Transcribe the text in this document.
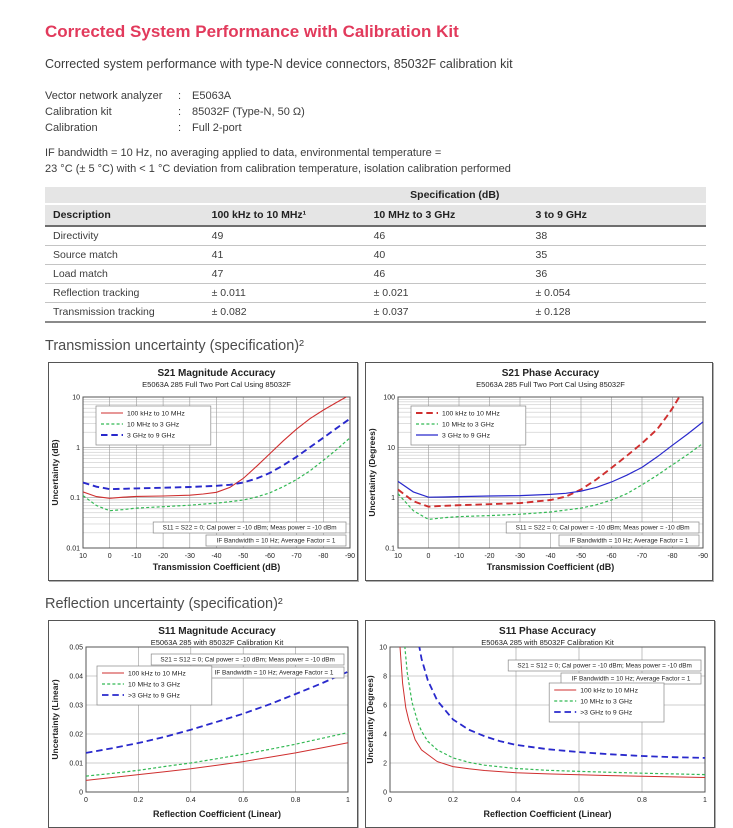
Corrected System Performance with Calibration Kit

Corrected system performance with type-N device connectors, 85032F calibration kit

Vector network analyzer : E5063A
Calibration kit	: 85032F (Type-N, 50 Ω)
Calibration	: Full 2-port
IF bandwidth = 10 Hz, no averaging applied to data, environmental temperature =
23 °C (± 5 °C) with < 1 °C deviation from calibration temperature, isolation calibration performed
	Specification (dB)		
Description	100 kHz to 10 MHz¹	10 MHz to 3 GHz	3 to 9 GHz
Directivity	49	46	38
Source match	41	40	35
Load match	47	46	36
Reflection tracking	± 0.011	± 0.021	± 0.054
Transmission tracking	± 0.082	± 0.037	± 0.128
Transmission uncertainty (specification)²
10	0	-10 -20 -30 -40 -50 -60 -70 -80 -90
10
1
0.1
0.01
S21 Magnitude Accuracy
E5063A 285 Full Two Port Cal Using 85032F
Transmission Coefficient (dB)
Uncertainty (dB)
S11 = S22 = 0; Cal power = -10 dBm; Meas power = -10 dBm
IF Bandwidth = 10 Hz; Average Factor = 1
100 kHz to 10 MHz
10 MHz to 3 GHz
3 GHz to 9 GHz
10	0	-10	-20	-30	-40	-50	-60	-70	-80	-90
100
10
1
0.1
S21 Phase Accuracy
E5063A 285 Full Two Port Cal Using 85032F
Transmission Coefficient (dB)
Uncertainty (Degrees)
S11 = S22 = 0; Cal power = -10 dBm; Meas power = -10 dBm
IF Bandwidth = 10 Hz; Average Factor = 1
100 kHz to 10 MHz
10 MHz to 3 GHz
3 GHz to 9 GHz
Reflection uncertainty (specification)²
0	0.2	0.4	0.6	0.8	1
0
0.01
0.02
0.03
0.04
0.05
S11 Magnitude Accuracy
E5063A 285 with 85032F Calibration Kit
Reflection Coefficient (Linear)
Uncertainty (Linear)
S21 = S12 = 0; Cal power = -10 dBm; Meas power = -10 dBm
IF Bandwidth = 10 Hz; Average Factor = 1
100 kHz to 10 MHz
10 MHz to 3 GHz
>3 GHz to 9 GHz
0	0.2	0.4	0.6	0.8	1
0
2
4
6
8
10
S11 Phase Accuracy
E5063A 285 with 85032F Calibration Kit
Reflection Coefficient (Linear)
Uncertainty (Degrees)
S21 = S12 = 0; Cal power = -10 dBm; Meas power = -10 dBm
IF Bandwidth = 10 Hz; Average Factor = 1
100 kHz to 10 MHz
10 MHz to 3 GHz
>3 GHz to 9 GHz
